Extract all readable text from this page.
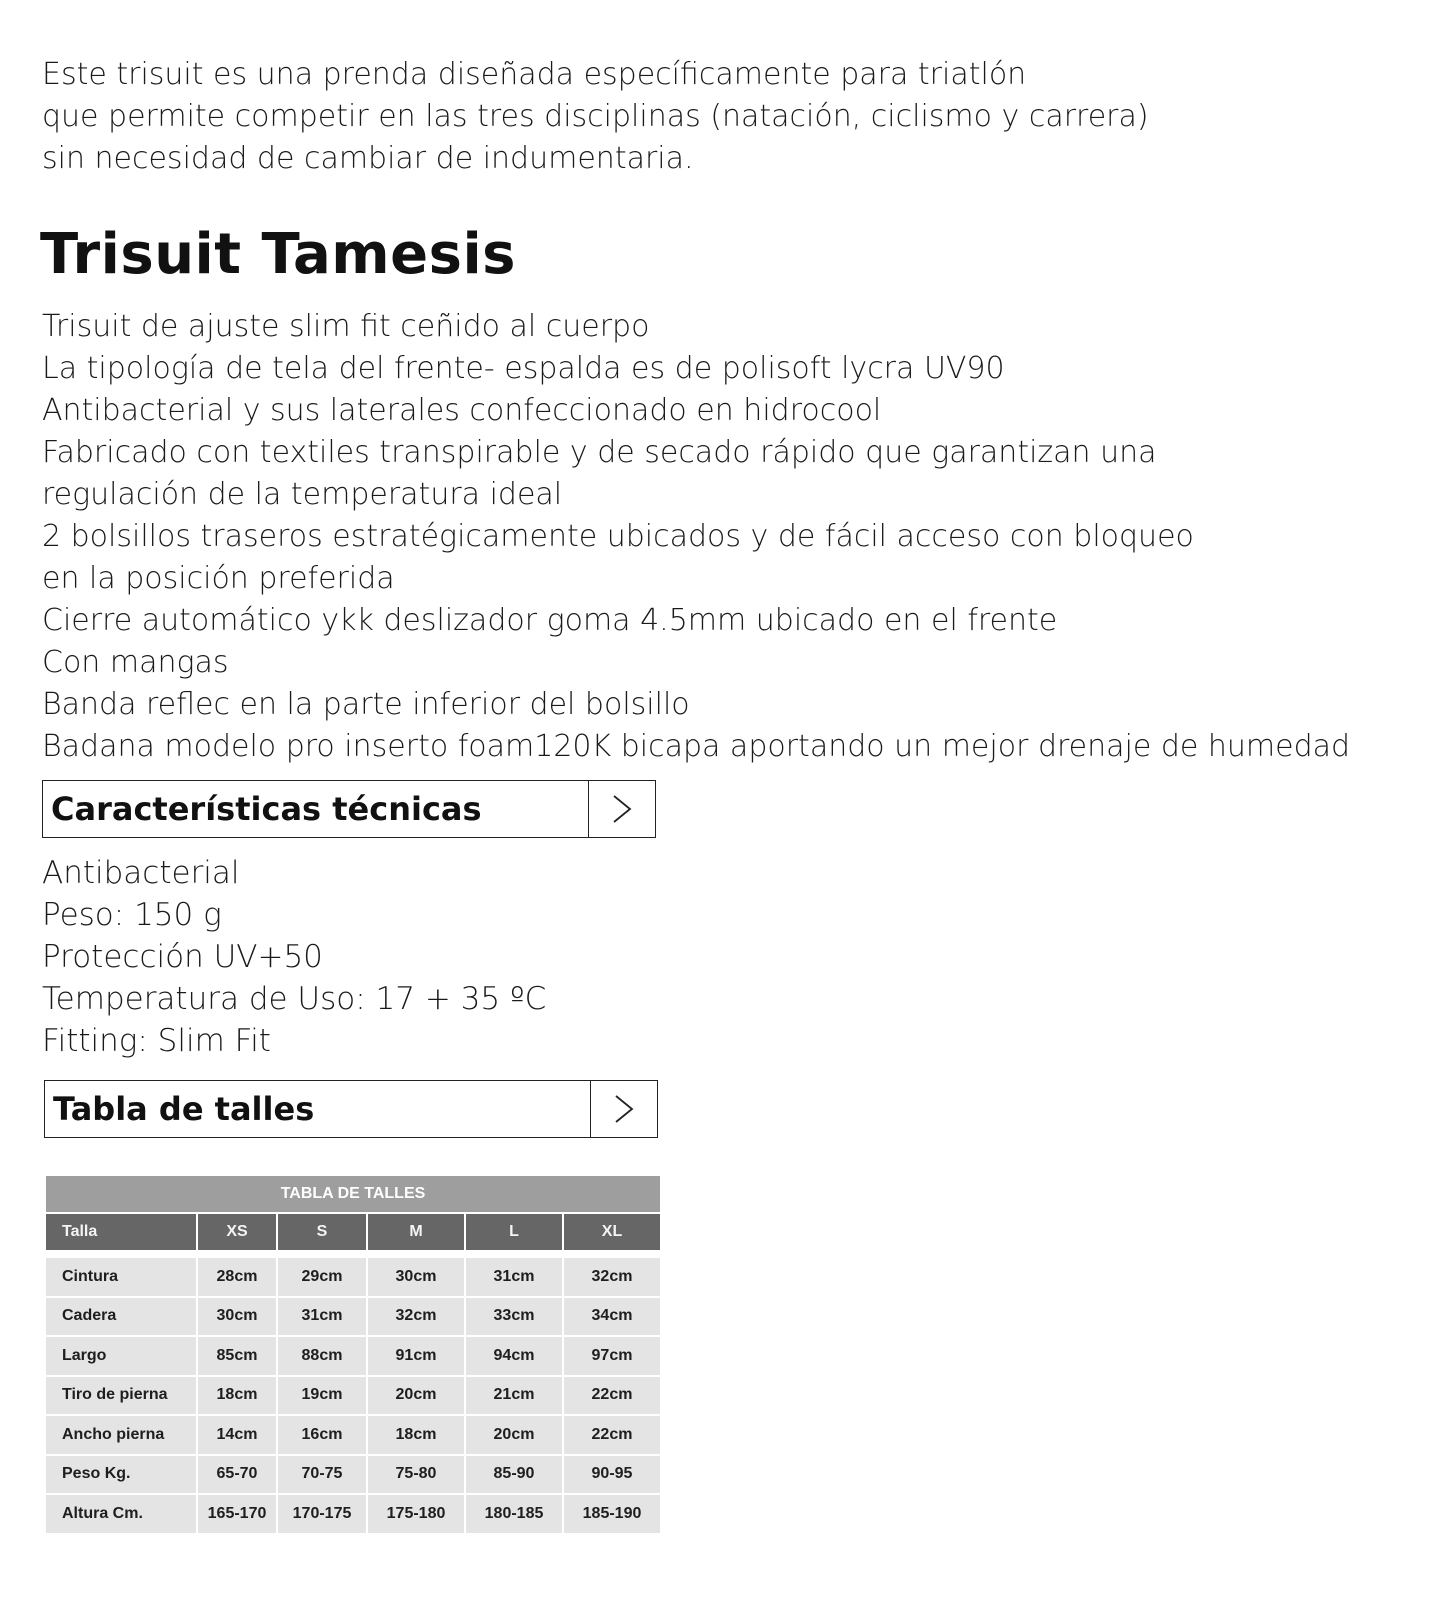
Este trisuit es una prenda diseñada específicamente para triatlón
que permite competir en las tres disciplinas (natación, ciclismo y carrera)
sin necesidad de cambiar de indumentaria.
Trisuit Tamesis
Trisuit de ajuste slim fit ceñido al cuerpo
La tipología de tela del frente- espalda es de polisoft lycra UV90
Antibacterial y sus laterales confeccionado en hidrocool
Fabricado con textiles transpirable y de secado rápido que garantizan una
regulación de la temperatura ideal
2 bolsillos traseros estratégicamente ubicados y de fácil acceso con bloqueo
en la posición preferida
Cierre automático ykk deslizador goma 4.5mm ubicado en el frente
Con mangas
Banda reflec en la parte inferior del bolsillo
Badana modelo pro inserto foam120K bicapa aportando un mejor drenaje de humedad
Características técnicas
Antibacterial
Peso: 150 g
Protección UV+50
Temperatura de Uso: 17 + 35 ºC
Fitting: Slim Fit
Tabla de talles
TABLA DE TALLES
Talla	XS	S	M	L	XL
Cintura	28cm	29cm	30cm	31cm	32cm
Cadera	30cm	31cm	32cm	33cm	34cm
Largo	85cm	88cm	91cm	94cm	97cm
Tiro de pierna	18cm	19cm	20cm	21cm	22cm
Ancho pierna	14cm	16cm	18cm	20cm	22cm
Peso Kg.	65-70	70-75	75-80	85-90	90-95
Altura Cm.	165-170	170-175	175-180	180-185	185-190
